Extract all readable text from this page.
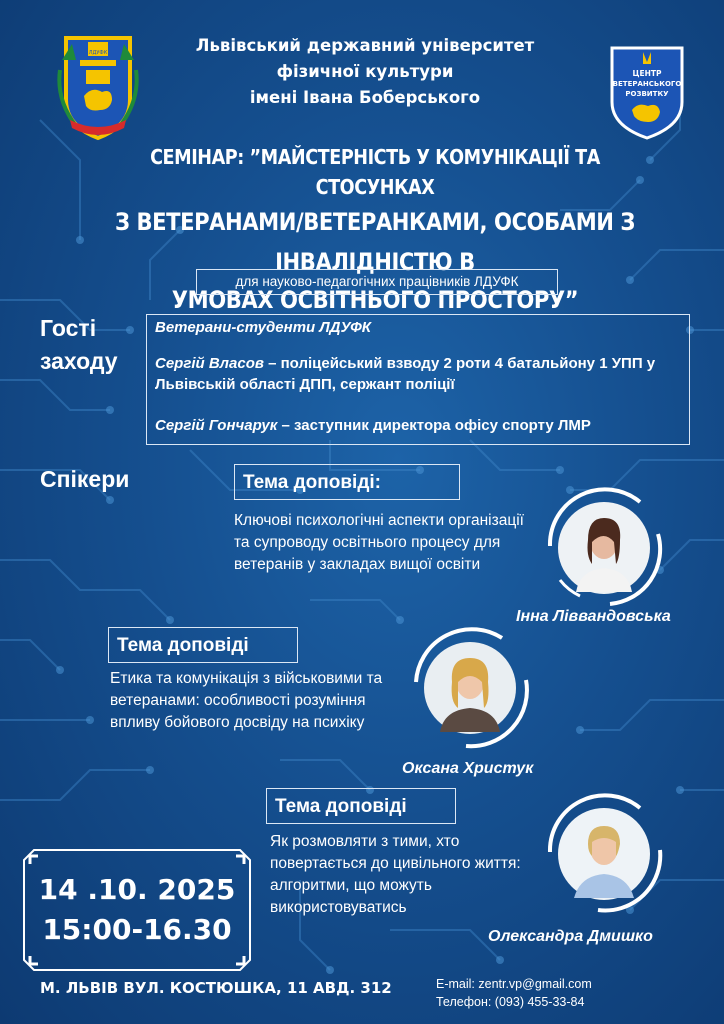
ЛДУФК	Львівський державний університет
фізичної культури
імені Івана Боберського
ЦЕНТР
ВЕТЕРАНСЬКОГО
РОЗВИТКУ
СЕМІНАР: ”МАЙСТЕРНІСТЬ У КОМУНІКАЦІЇ ТА СТОСУНКАХ
З ВЕТЕРАНАМИ/ВЕТЕРАНКАМИ, ОСОБАМИ З ІНВАЛІДНІСТЮ В
УМОВАХ ОСВІТНЬОГО ПРОСТОРУ”
для науково-педагогічних працівників ЛДУФК
Гості
заходу
Ветерани-студенти ЛДУФК
Сергій Власов – поліцейський взводу 2 роти 4 батальйону 1 УПП у Львівській області ДПП, сержант поліції
Сергій Гончарук – заступник директора офісу спорту ЛМР
Спікери	Тема доповіді:
Ключові психологічні аспекти організації та супроводу освітнього процесу для ветеранів у закладах вищої освіти
Інна Ліввандовська
Тема доповіді
Етика та комунікація з військовими та ветеранами: особливості розуміння впливу бойового досвіду на психіку
Оксана Христук
Тема доповіді
Як розмовляти з тими, хто повертається до цивільного життя: алгоритми, що можуть використовуватись
Олександра Дмишко
14 .10. 2025
15:00-16.30
М. ЛЬВІВ ВУЛ. КОСТЮШКА, 11 АВД. 312	E-mail: zentr.vp@gmail.com
Телефон: (093) 455-33-84
